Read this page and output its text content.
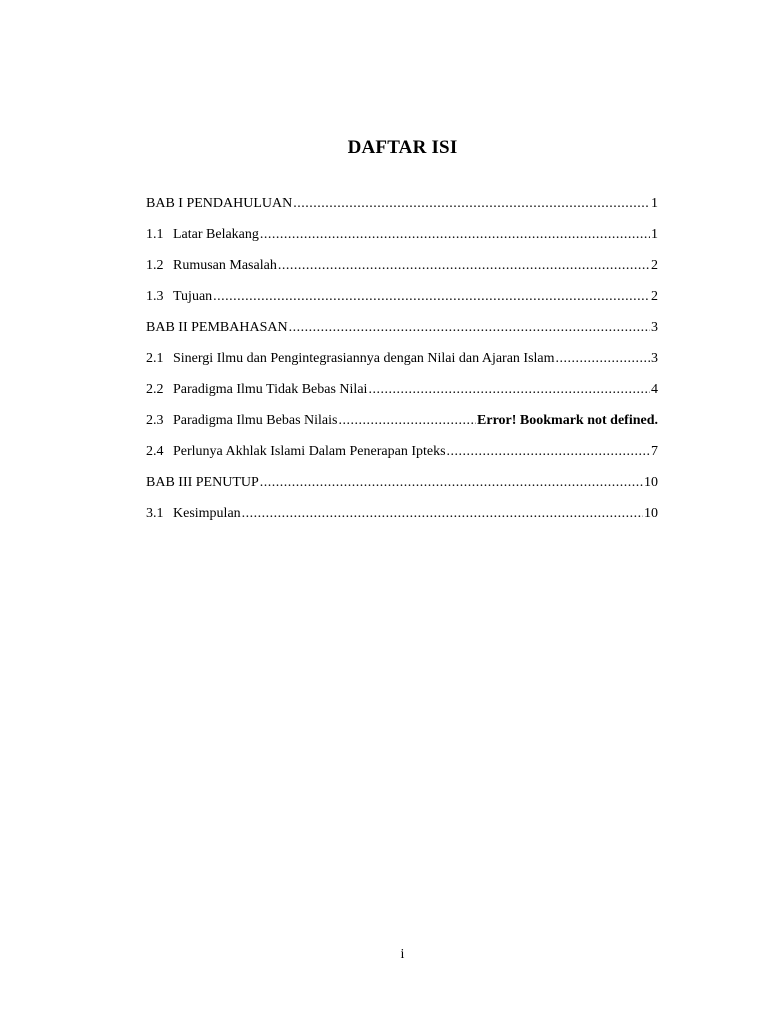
DAFTAR ISI
BAB I PENDAHULUAN .....	1
1.1 Latar Belakang .....	1
1.2 Rumusan Masalah .....	2
1.3 Tujuan .....	2
BAB II PEMBAHASAN .....	3
2.1 Sinergi Ilmu dan Pengintegrasiannya dengan Nilai dan Ajaran Islam .....	3
2.2 Paradigma Ilmu Tidak Bebas Nilai .....	4
2.3 Paradigma Ilmu Bebas Nilais .....	Error! Bookmark not defined.
2.4 Perlunya Akhlak Islami Dalam Penerapan Ipteks .....	7
BAB III PENUTUP .....	10
3.1 Kesimpulan .....	10
i
